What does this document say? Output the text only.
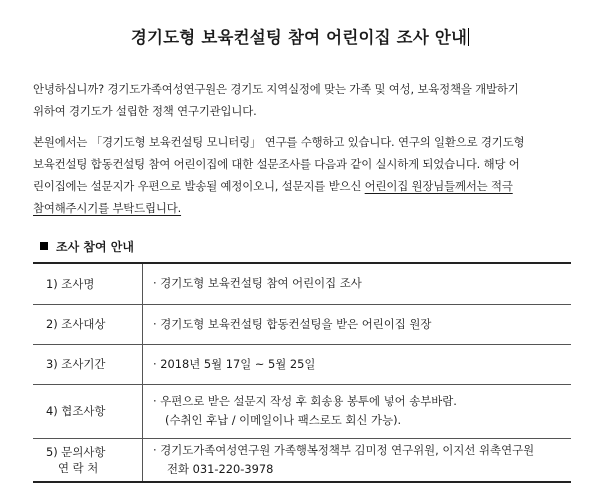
경기도형 보육컨설팅 참여 어린이집 조사 안내
안녕하십니까? 경기도가족여성연구원은 경기도 지역실정에 맞는 가족 및 여성, 보육정책을 개발하기
위하여 경기도가 설립한 정책 연구기관입니다.
본원에서는 「경기도형 보육컨설팅 모니터링」 연구를 수행하고 있습니다. 연구의 일환으로 경기도형
보육컨설팅 합동컨설팅 참여 어린이집에 대한 설문조사를 다음과 같이 실시하게 되었습니다. 해당 어
린이집에는 설문지가 우편으로 발송될 예정이오니, 설문지를 받으신 어린이집 원장님들께서는 적극
참여해주시기를 부탁드립니다.
조사 참여 안내
1) 조사명	· 경기도형 보육컨설팅 참여 어린이집 조사
2) 조사대상	· 경기도형 보육컨설팅 합동컨설팅을 받은 어린이집 원장
3) 조사기간	· 2018년 5월 17일 ~ 5월 25일
4) 협조사항	· 우편으로 받은 설문지 작성 후 회송용 봉투에 넣어 송부바람.
(수취인 후납 / 이메일이나 팩스로도 회신 가능).

5) 문의사항
연 락 처	· 경기도가족여성연구원 가족행복정책부 김미정 연구위원, 이지선 위촉연구원
전화 031-220-3978
